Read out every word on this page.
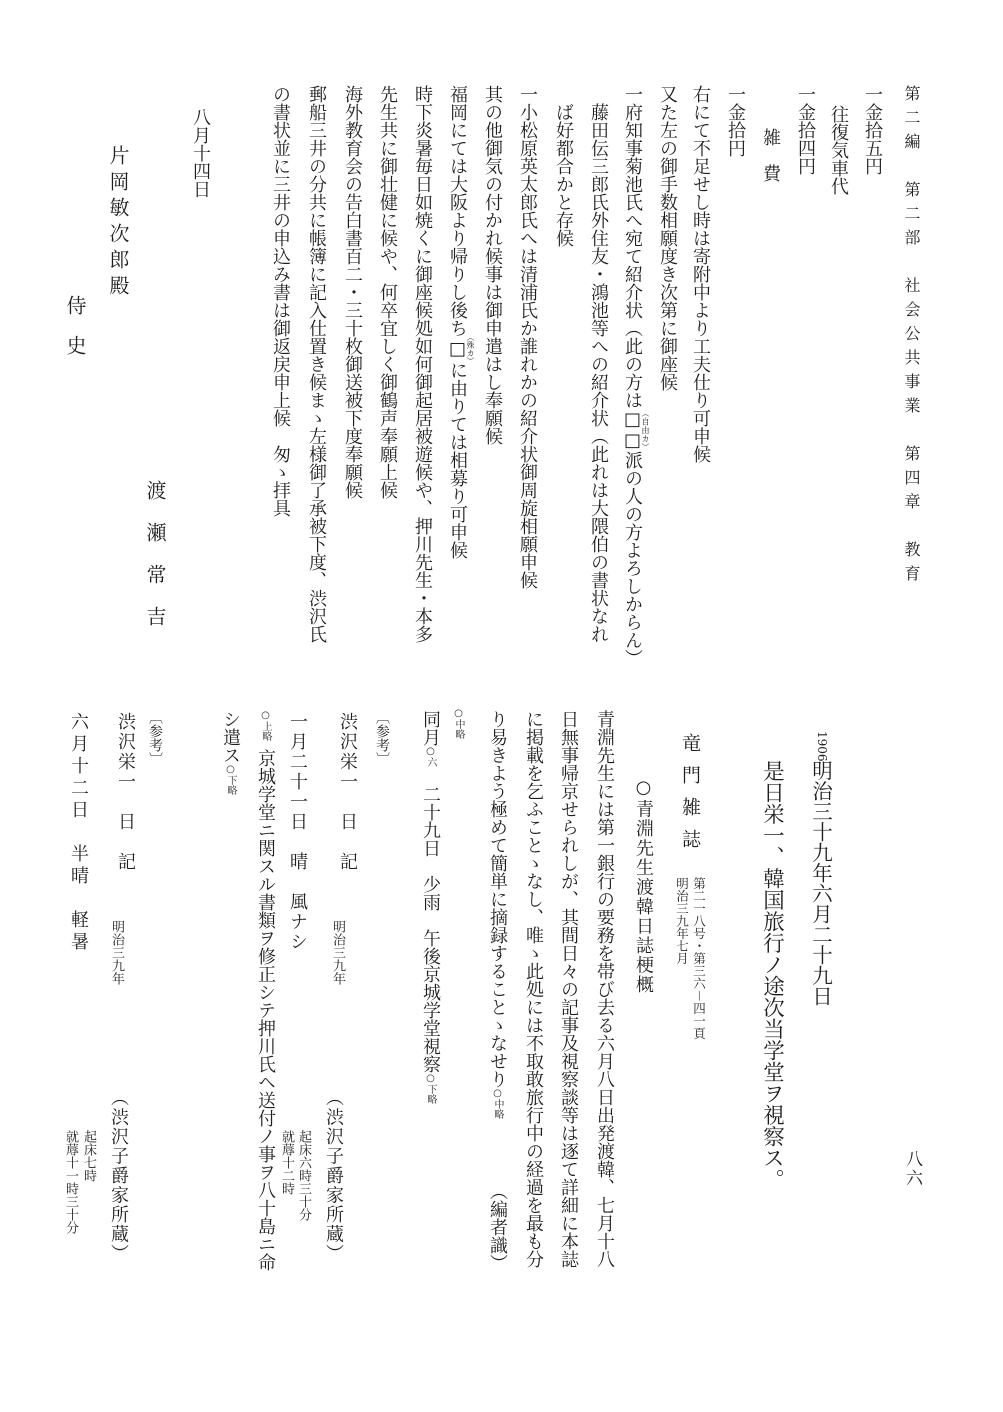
第二編　第二部　社会公共事業　第四章　教育
八六
一金拾五円
往復気車代
一金拾四円
雑　費
一金拾円
右にて不足せし時は寄附中より工夫仕り可申候
又た左の御手数相願度き次第に御座候
一府知事菊池氏へ宛て紹介状（此の方は□□（自由カ）派の人の方よろしからん）
藤田伝三郎氏外住友・鴻池等への紹介状（此れは大隈伯の書状なれ
ば好都合かと存候
一小松原英太郎氏へは清浦氏か誰れかの紹介状御周旋相願申候
其の他御気の付かれ候事は御申遣はし奉願候
福岡にては大阪より帰りし後ち□（殊カ）に由りては相募り可申候
時下炎暑毎日如焼くに御座候処如何御起居被遊候や、押川先生・本多
先生共に御壮健に候や、何卒宜しく御鶴声奉願上候
海外教育会の告白書百二・三十枚御送被下度奉願候
郵船三井の分共に帳簿に記入仕置き候まゝ左様御了承被下度、渋沢氏
の書状並に三井の申込み書は御返戻申上候　匆ゝ拝具
八月十四日
渡瀬常吉
片岡敏次郎殿
侍史
1906
明治三十九年六月二十九日
是日栄一、韓国旅行ノ途次当学堂ヲ視察ス。
竜門雑誌
第二一八号・第三六－四一頁
明治三九年七月
○青淵先生渡韓日誌梗概
青淵先生には第一銀行の要務を帯び去る六月八日出発渡韓、七月十八
日無事帰京せられしが、其間日々の記事及視察談等は逐て詳細に本誌
に掲載を乞ふことゝなし、唯ゝ此処には不取敢旅行中の経過を最も分
り易きよう極めて簡単に摘録することゝなせり○中略
（編者識）
○中略
同月○六　二十九日　少雨　午後京城学堂視察○下略
〔参考〕
渋沢栄一　日　記
明治三九年
（渋沢子爵家所蔵）
一月二十一日　晴　風ナシ
起床六時三十分
就蓐十二時
○上略京城学堂ニ関スル書類ヲ修正シテ押川氏ヘ送付ノ事ヲ八十島ニ命
シ遣ス○下略
〔参考〕
渋沢栄一　日　記
明治三九年
（渋沢子爵家所蔵）
六月十二日　半晴　軽暑
起床七時
就蓐十一時三十分
